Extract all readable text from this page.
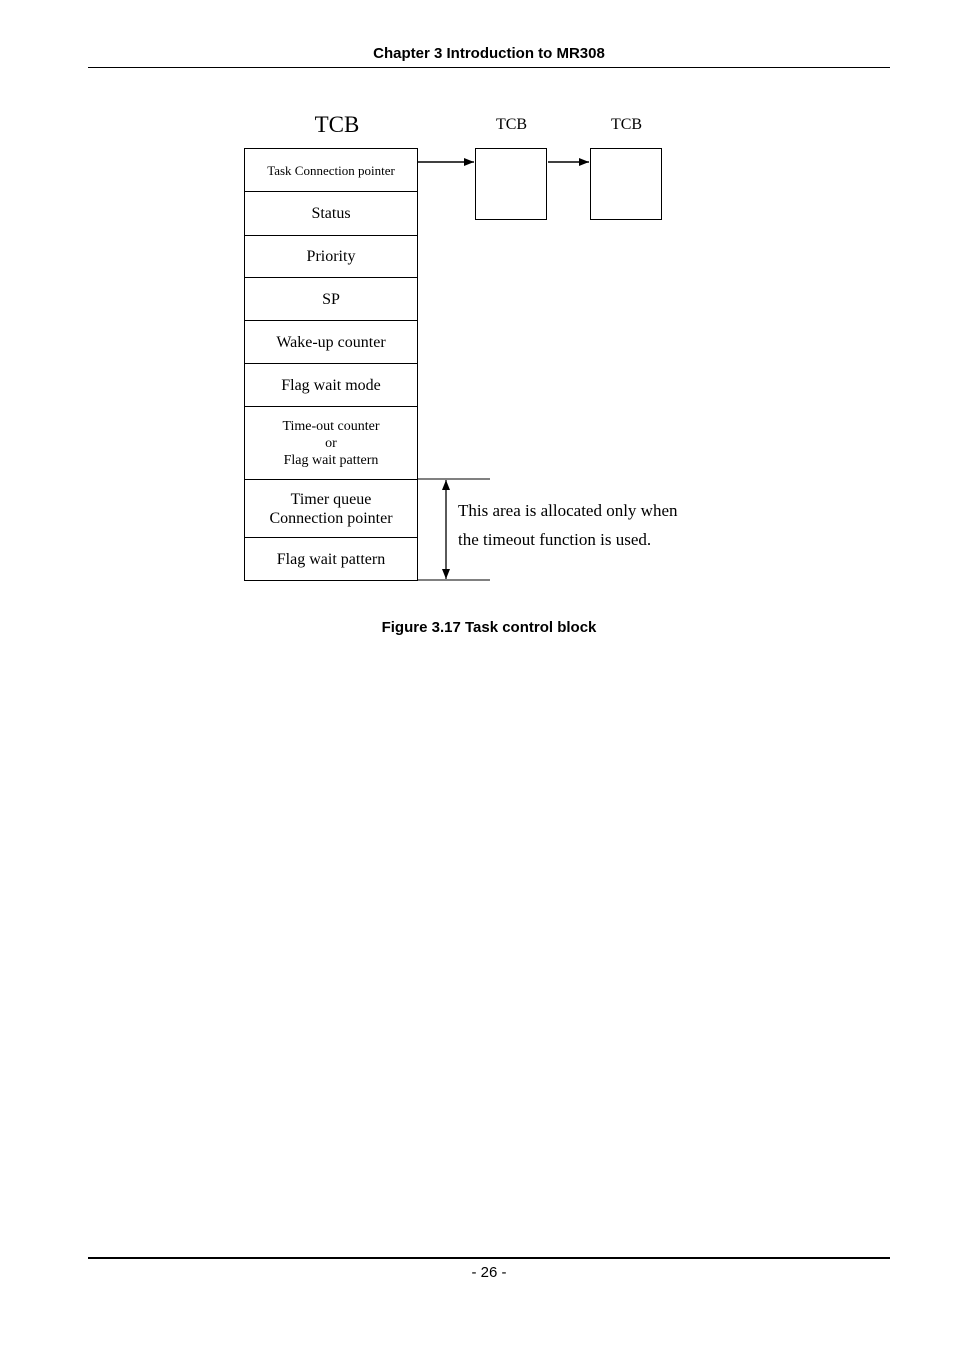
Chapter 3 Introduction to MR308
TCB	TCB	TCB
Task Connection pointer
Status
Priority
SP
Wake-up counter
Flag wait mode
Time-out counter
or
Flag wait pattern
Timer queue
Connection pointer
Flag wait pattern
This area is allocated only when
the timeout function is used.
Figure 3.17 Task control block
- 26 -
